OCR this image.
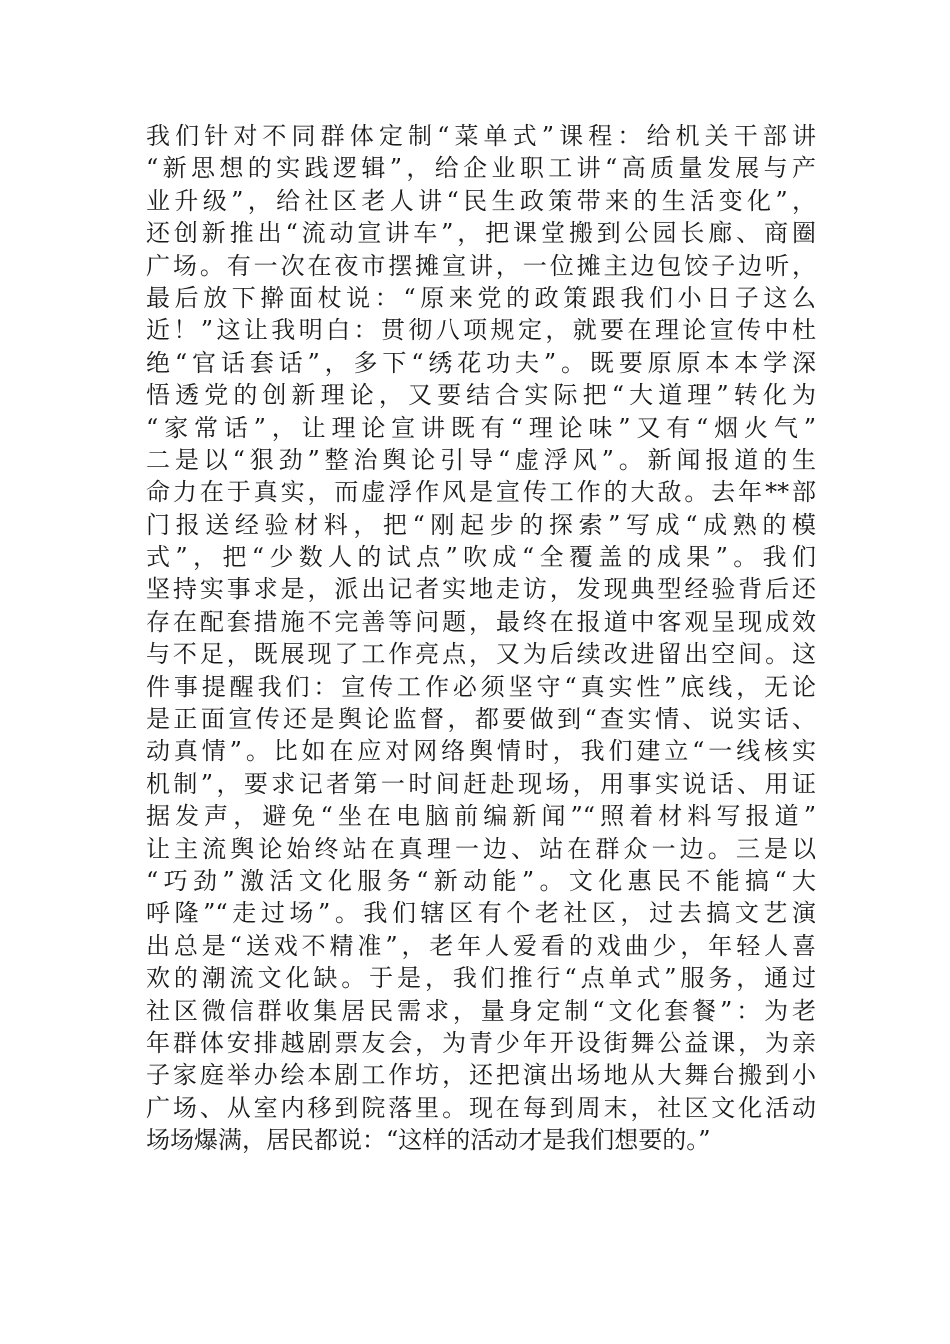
我们针对不同群体定制“菜单式”课程：给机关干部讲
“新思想的实践逻辑”，给企业职工讲“高质量发展与产
业升级”，给社区老人讲“民生政策带来的生活变化”，
还创新推出“流动宣讲车”，把课堂搬到公园长廊、商圈
广场。有一次在夜市摆摊宣讲，一位摊主边包饺子边听，
最后放下擀面杖说：“原来党的政策跟我们小日子这么
近！”这让我明白：贯彻八项规定，就要在理论宣传中杜
绝“官话套话”，多下“绣花功夫”。既要原原本本学深
悟透党的创新理论，又要结合实际把“大道理”转化为
“家常话”，让理论宣讲既有“理论味”又有“烟火气”
二是以“狠劲”整治舆论引导“虚浮风”。新闻报道的生
命力在于真实，而虚浮作风是宣传工作的大敌。去年**部
门报送经验材料，把“刚起步的探索”写成“成熟的模
式”，把“少数人的试点”吹成“全覆盖的成果”。我们
坚持实事求是，派出记者实地走访，发现典型经验背后还
存在配套措施不完善等问题，最终在报道中客观呈现成效
与不足，既展现了工作亮点，又为后续改进留出空间。这
件事提醒我们：宣传工作必须坚守“真实性”底线，无论
是正面宣传还是舆论监督，都要做到“查实情、说实话、
动真情”。比如在应对网络舆情时，我们建立“一线核实
机制”，要求记者第一时间赶赴现场，用事实说话、用证
据发声，避免“坐在电脑前编新闻”“照着材料写报道”
让主流舆论始终站在真理一边、站在群众一边。三是以
“巧劲”激活文化服务“新动能”。文化惠民不能搞“大
呼隆”“走过场”。我们辖区有个老社区，过去搞文艺演
出总是“送戏不精准”，老年人爱看的戏曲少，年轻人喜
欢的潮流文化缺。于是，我们推行“点单式”服务，通过
社区微信群收集居民需求，量身定制“文化套餐”：为老
年群体安排越剧票友会，为青少年开设街舞公益课，为亲
子家庭举办绘本剧工作坊，还把演出场地从大舞台搬到小
广场、从室内移到院落里。现在每到周末，社区文化活动
场场爆满，居民都说：“这样的活动才是我们想要的。”
